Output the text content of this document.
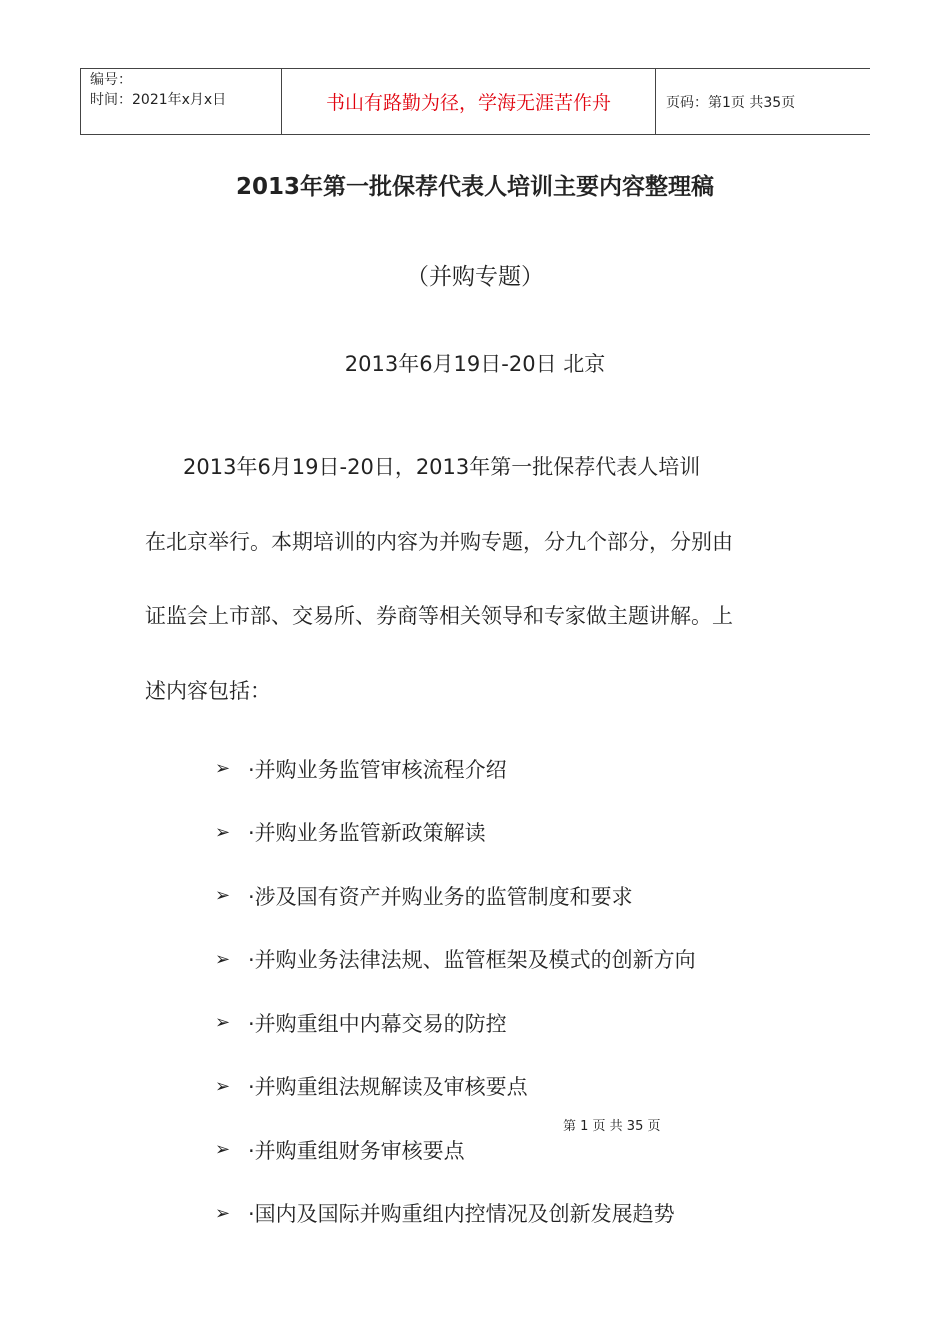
编号：
时间：2021年x月x日	书山有路勤为径，学海无涯苦作舟	页码：第1页 共35页
2013年第一批保荐代表人培训主要内容整理稿
（并购专题）
2013年6月19日-20日 北京

2013年6月19日-20日，2013年第一批保荐代表人培训
在北京举行。本期培训的内容为并购专题，分九个部分，分别由
证监会上市部、交易所、券商等相关领导和专家做主题讲解。上
述内容包括：

➢ ·并购业务监管审核流程介绍
➢ ·并购业务监管新政策解读
➢ ·涉及国有资产并购业务的监管制度和要求
➢ ·并购业务法律法规、监管框架及模式的创新方向
➢ ·并购重组中内幕交易的防控
➢ ·并购重组法规解读及审核要点
➢ ·并购重组财务审核要点
➢ ·国内及国际并购重组内控情况及创新发展趋势
第 1 页 共 35 页
